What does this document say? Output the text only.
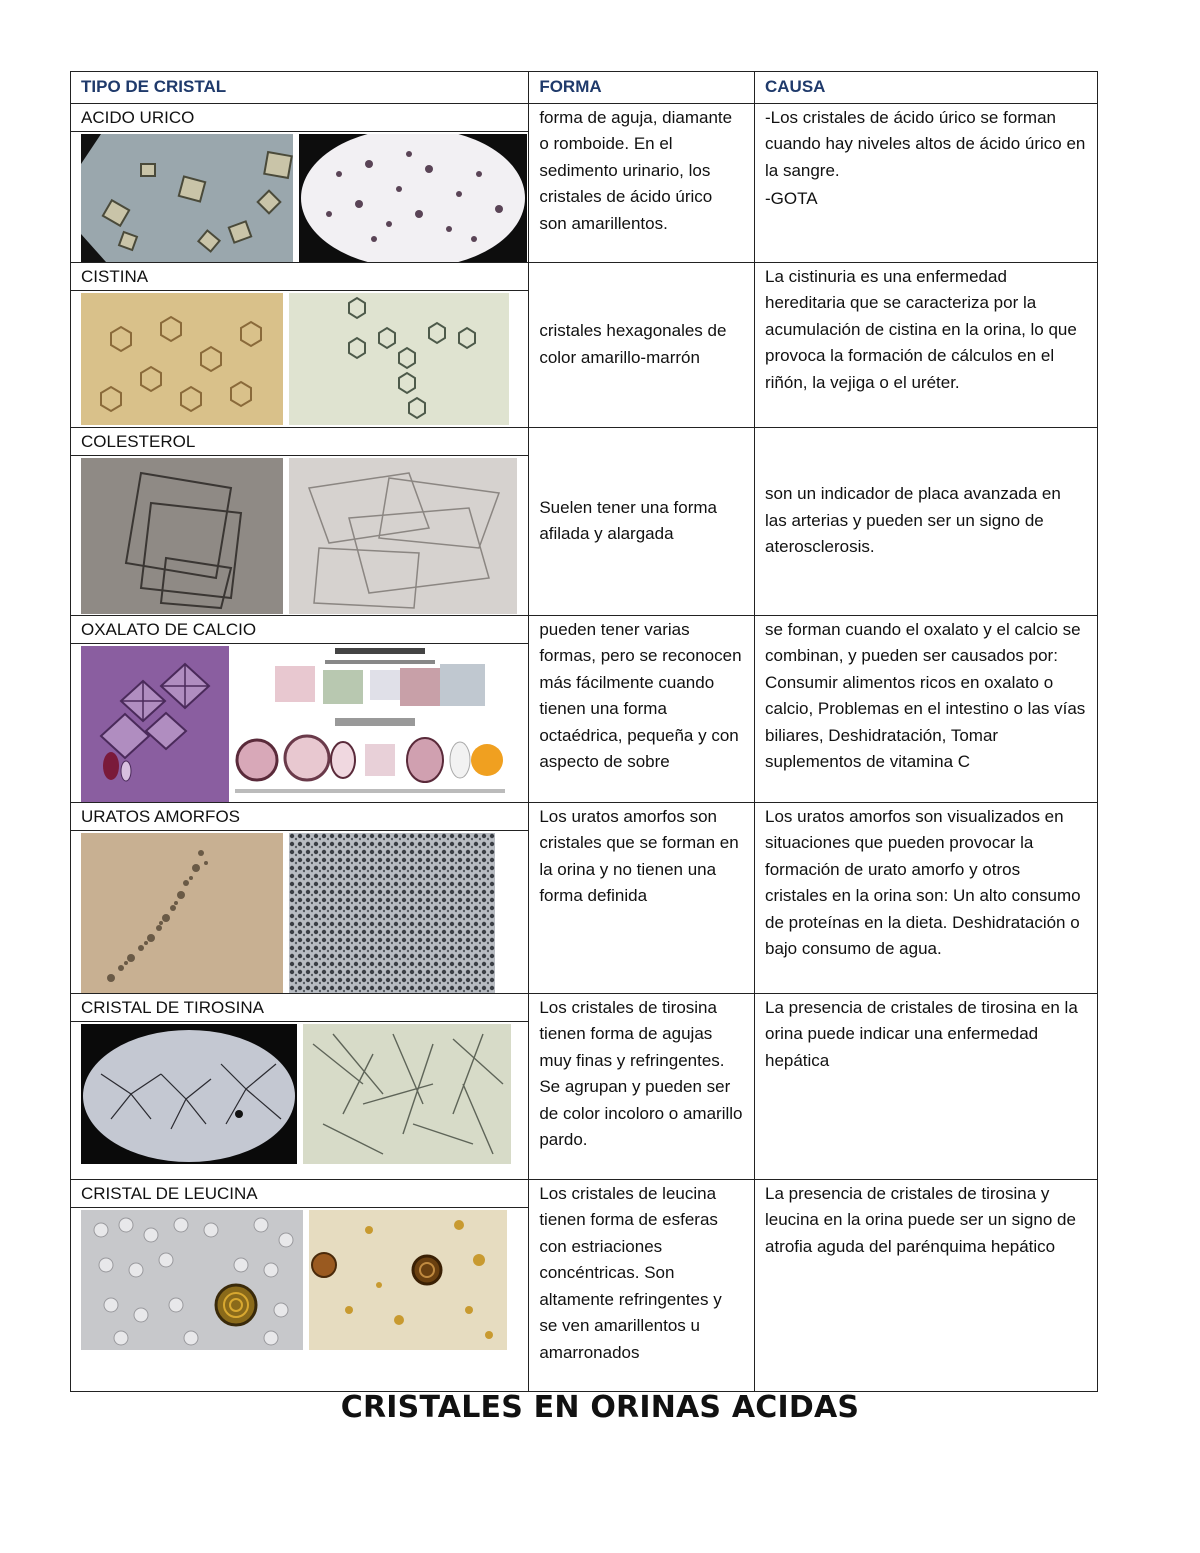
TIPO DE CRISTAL	FORMA	CAUSA

ACIDO URICO	forma de aguja, diamante o romboide. En el sedimento urinario, los cristales de ácido úrico son amarillentos.	-Los cristales de ácido úrico se forman cuando hay niveles altos de ácido úrico en la sangre.
-GOTA

CISTINA	cristales hexagonales de color amarillo-marrón	La cistinuria es una enfermedad hereditaria que se caracteriza por la acumulación de cistina en la orina, lo que provoca la formación de cálculos en el riñón, la vejiga o el uréter.

COLESTEROL	Suelen tener una forma afilada y alargada	son un indicador de placa avanzada en las arterias y pueden ser un signo de aterosclerosis.

OXALATO DE CALCIO	pueden tener varias formas, pero se reconocen más fácilmente cuando tienen una forma octaédrica, pequeña y con aspecto de sobre	se forman cuando el oxalato y el calcio se combinan, y pueden ser causados por: Consumir alimentos ricos en oxalato o calcio, Problemas en el intestino o las vías biliares, Deshidratación, Tomar suplementos de vitamina C

URATOS AMORFOS	Los uratos amorfos son cristales que se forman en la orina y no tienen una forma definida	Los uratos amorfos son visualizados en situaciones que pueden provocar la formación de urato amorfo y otros cristales en la orina son: Un alto consumo de proteínas en la dieta. Deshidratación o bajo consumo de agua.

CRISTAL DE TIROSINA	Los cristales de tirosina tienen forma de agujas muy finas y refringentes. Se agrupan y pueden ser de color incoloro o amarillo pardo.	La presencia de cristales de tirosina en la orina puede indicar una enfermedad hepática

CRISTAL DE LEUCINA	Los cristales de leucina tienen forma de esferas con estriaciones concéntricas. Son altamente refringentes y se ven amarillentos u amarronados	La presencia de cristales de tirosina y leucina en la orina puede ser un signo de atrofia aguda del parénquima hepático
CRISTALES EN ORINAS ACIDAS
